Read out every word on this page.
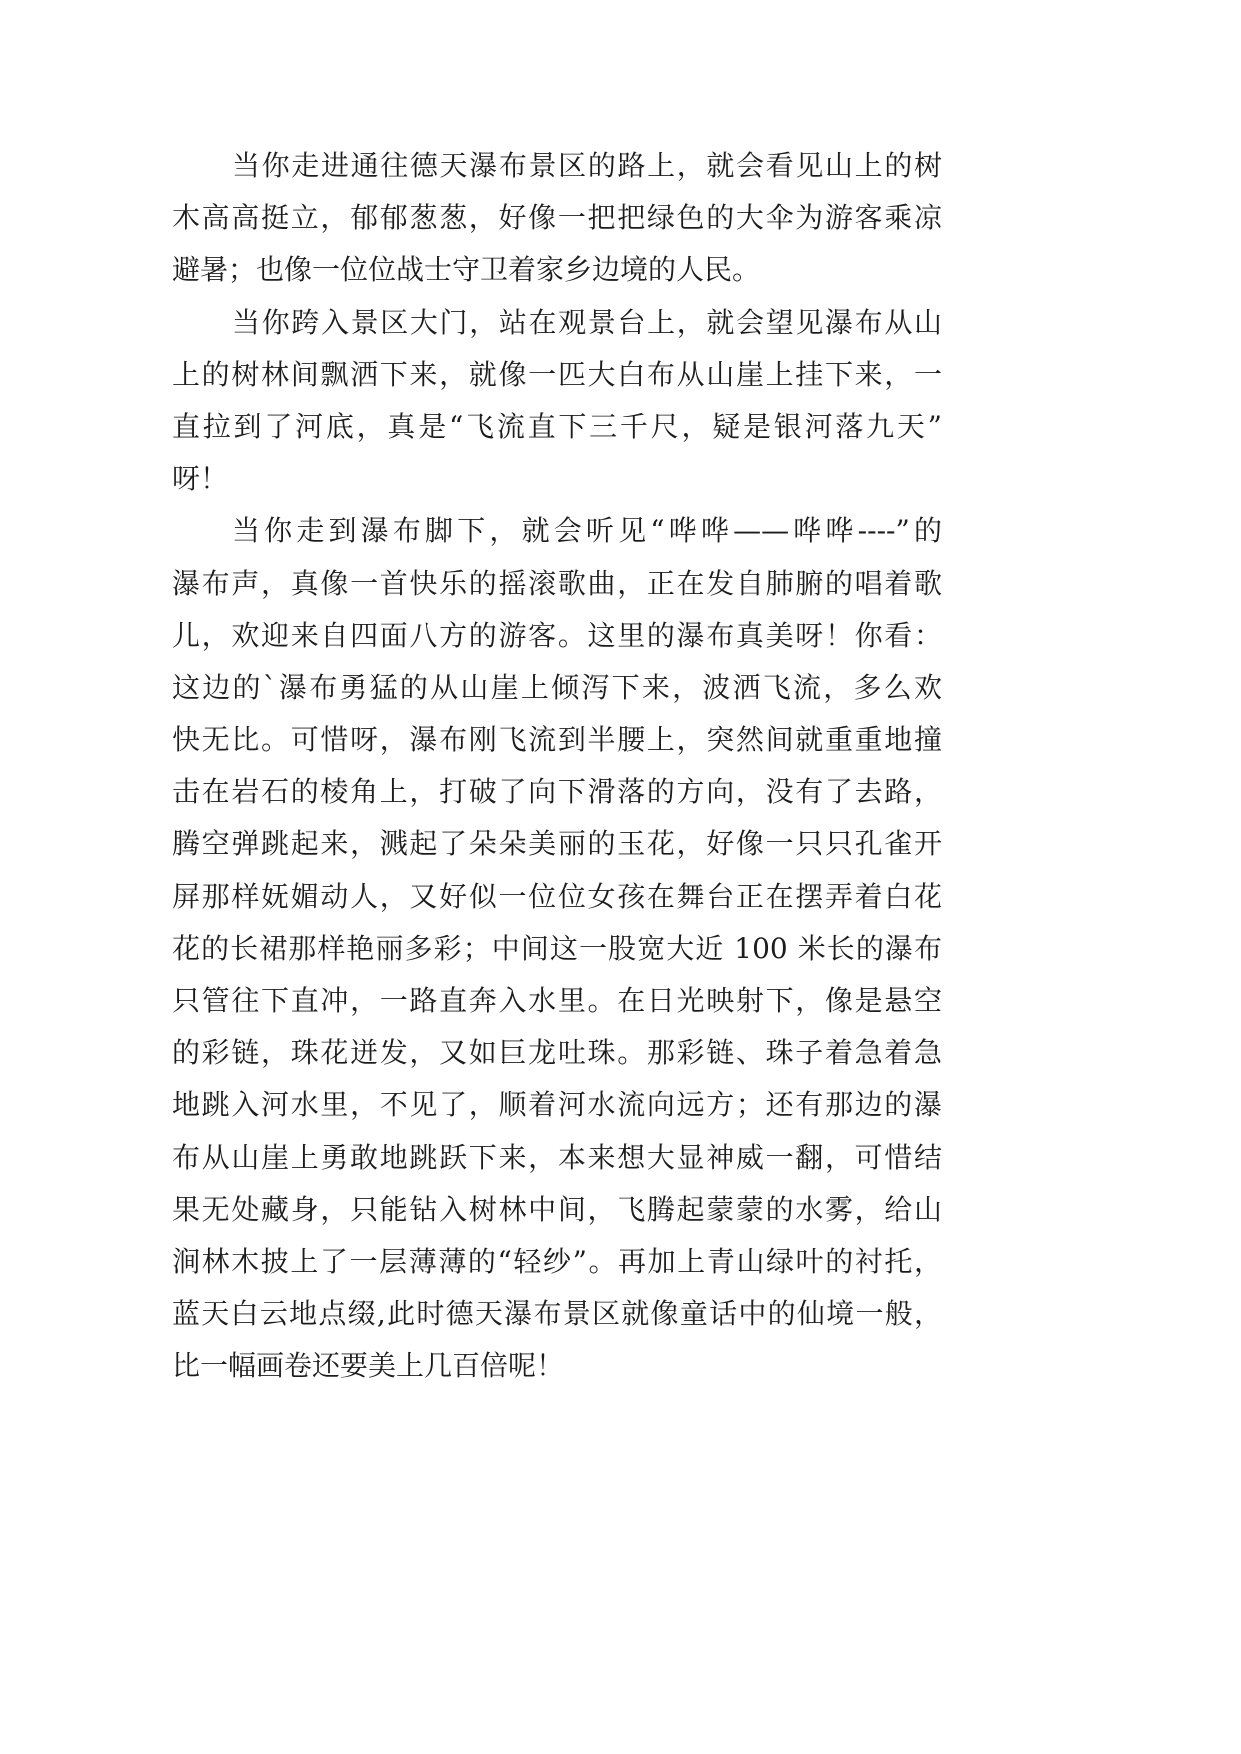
当你走进通往德天瀑布景区的路上，就会看见山上的树
木高高挺立，郁郁葱葱，好像一把把绿色的大伞为游客乘凉
避暑；也像一位位战士守卫着家乡边境的人民。
当你跨入景区大门，站在观景台上，就会望见瀑布从山
上的树林间飘洒下来，就像一匹大白布从山崖上挂下来，一
直拉到了河底，真是“飞流直下三千尺，疑是银河落九天”
呀！
当你走到瀑布脚下，就会听见“哗哗——哗哗----”的
瀑布声，真像一首快乐的摇滚歌曲，正在发自肺腑的唱着歌
儿，欢迎来自四面八方的游客。这里的瀑布真美呀！你看：
这边的`瀑布勇猛的从山崖上倾泻下来，波洒飞流，多么欢
快无比。可惜呀，瀑布刚飞流到半腰上，突然间就重重地撞
击在岩石的棱角上，打破了向下滑落的方向，没有了去路，
腾空弹跳起来，溅起了朵朵美丽的玉花，好像一只只孔雀开
屏那样妩媚动人，又好似一位位女孩在舞台正在摆弄着白花
花的长裙那样艳丽多彩；中间这一股宽大近 100 米长的瀑布
只管往下直冲，一路直奔入水里。在日光映射下，像是悬空
的彩链，珠花迸发，又如巨龙吐珠。那彩链、珠子着急着急
地跳入河水里，不见了，顺着河水流向远方；还有那边的瀑
布从山崖上勇敢地跳跃下来，本来想大显神威一翻，可惜结
果无处藏身，只能钻入树林中间，飞腾起蒙蒙的水雾，给山
涧林木披上了一层薄薄的“轻纱”。再加上青山绿叶的衬托，
蓝天白云地点缀,此时德天瀑布景区就像童话中的仙境一般，
比一幅画卷还要美上几百倍呢！
